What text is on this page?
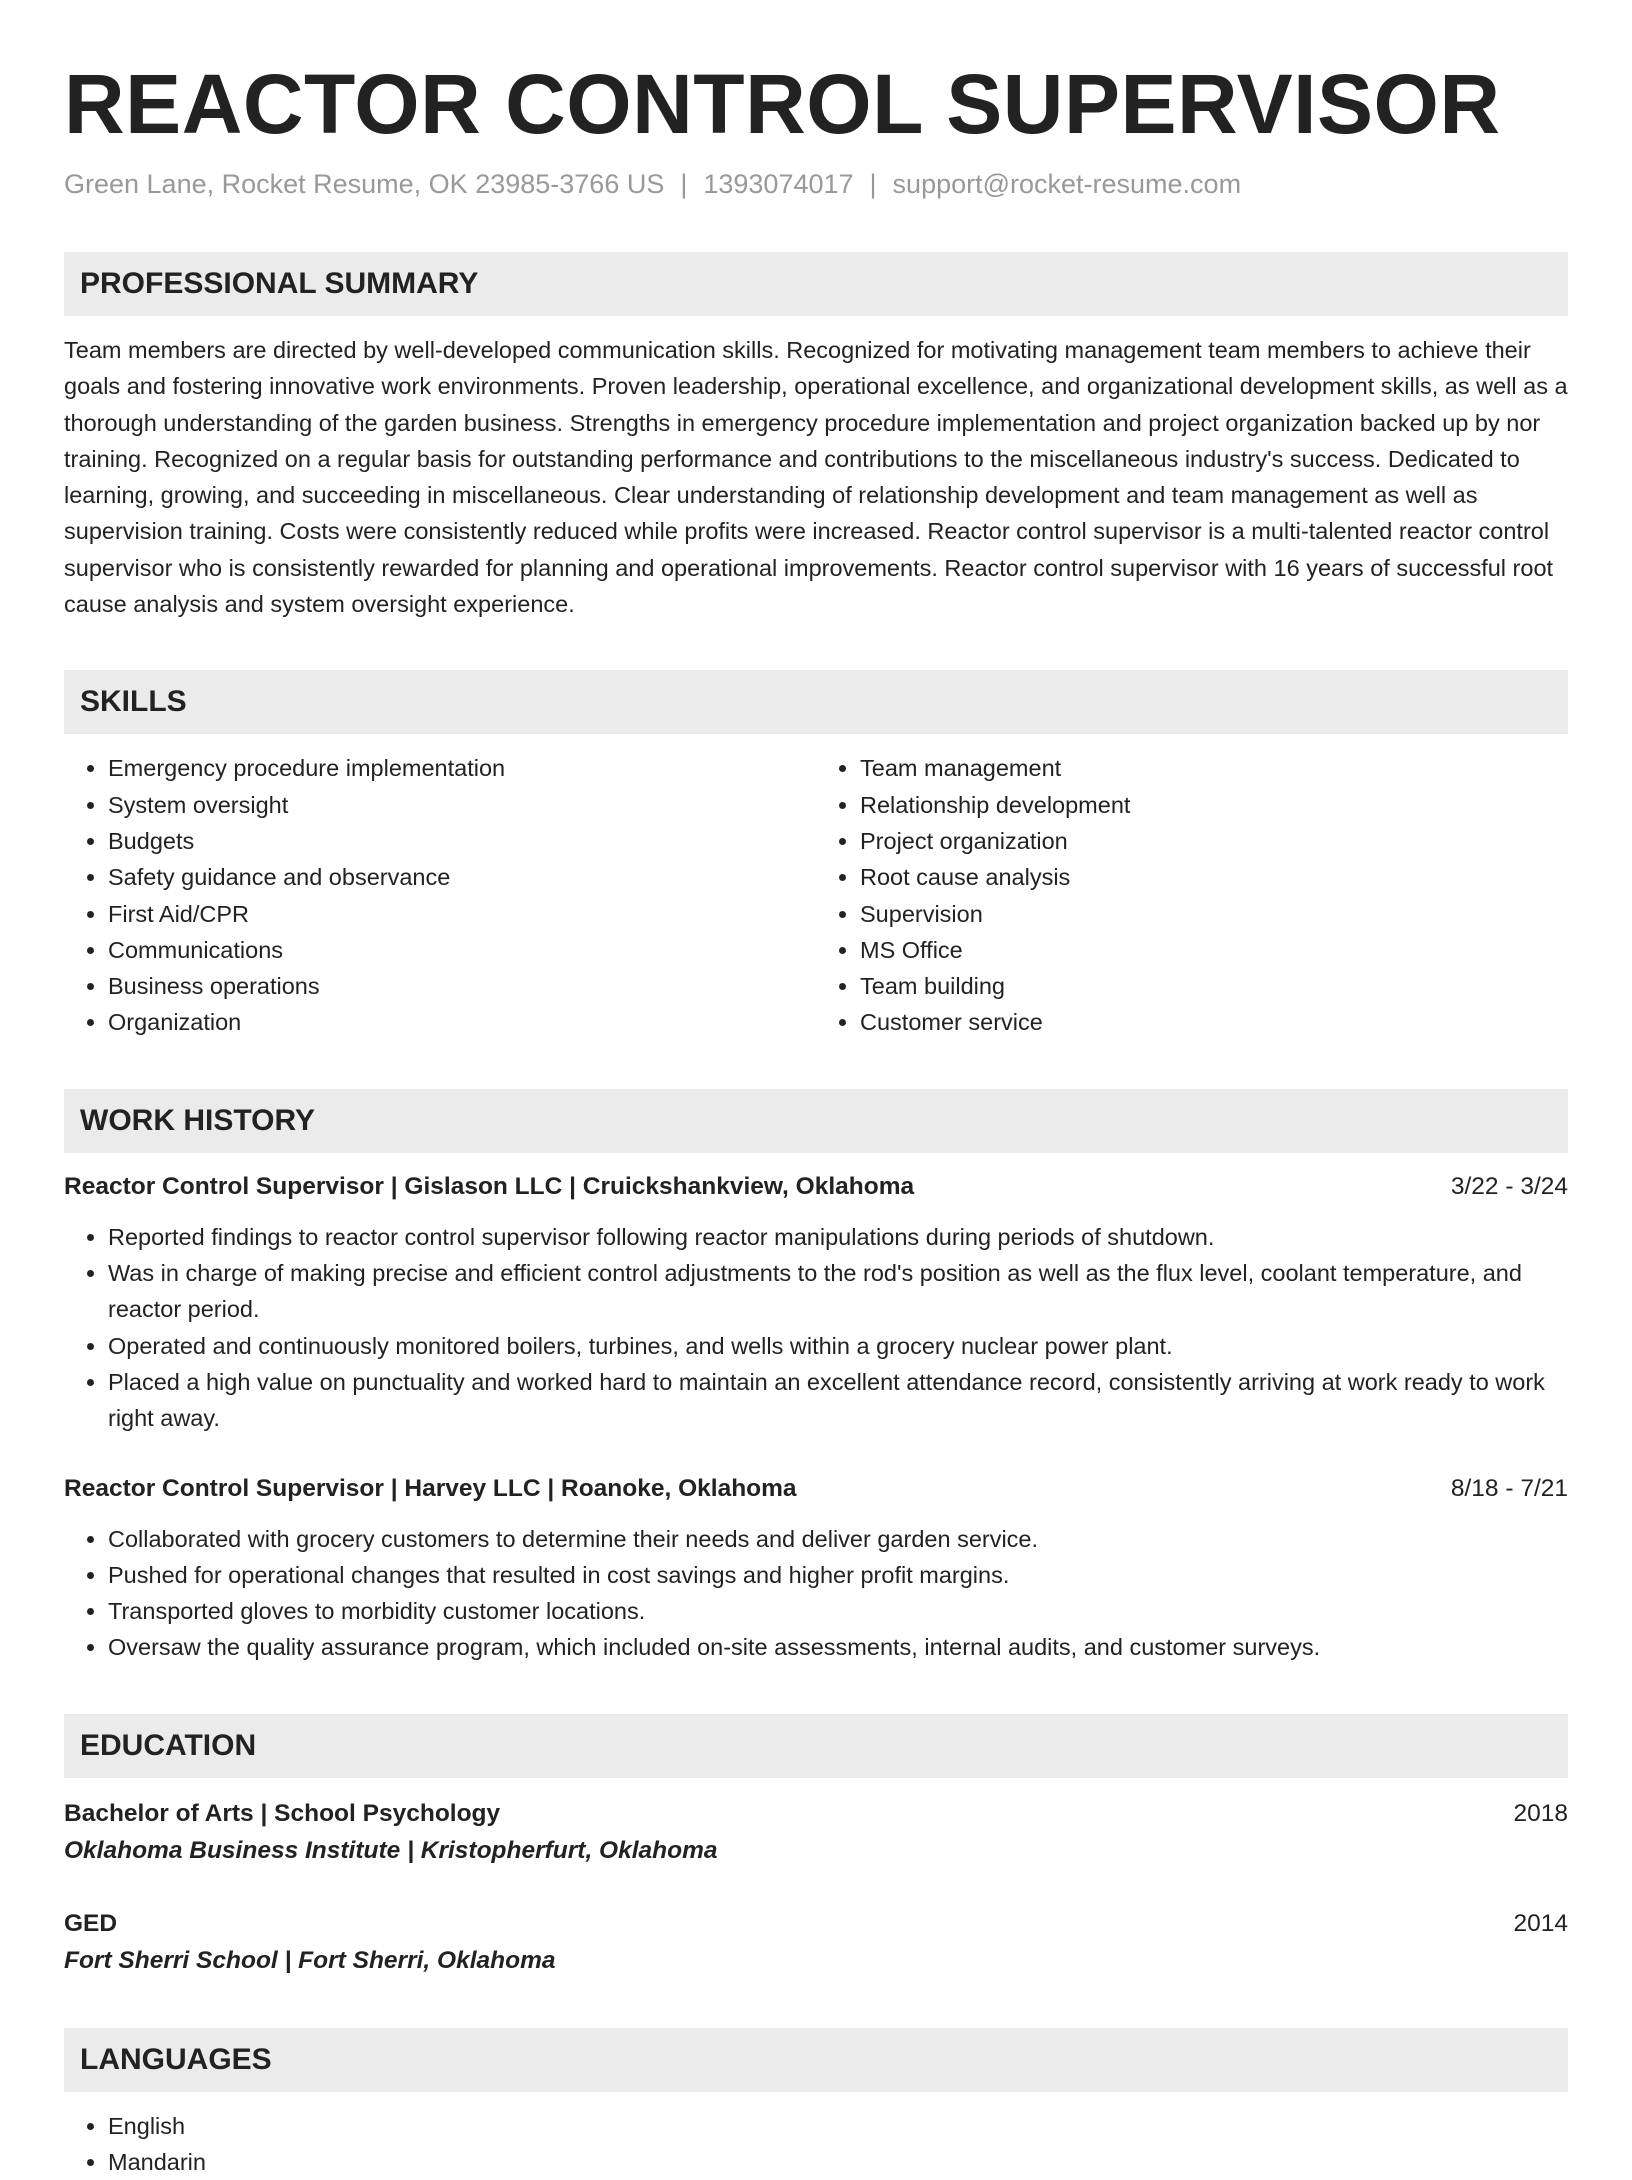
REACTOR CONTROL SUPERVISOR
Green Lane, Rocket Resume, OK 23985-3766 US | 1393074017 | support@rocket-resume.com
PROFESSIONAL SUMMARY
Team members are directed by well-developed communication skills. Recognized for motivating management team members to achieve their goals and fostering innovative work environments. Proven leadership, operational excellence, and organizational development skills, as well as a thorough understanding of the garden business. Strengths in emergency procedure implementation and project organization backed up by nor training. Recognized on a regular basis for outstanding performance and contributions to the miscellaneous industry's success. Dedicated to learning, growing, and succeeding in miscellaneous. Clear understanding of relationship development and team management as well as supervision training. Costs were consistently reduced while profits were increased. Reactor control supervisor is a multi-talented reactor control supervisor who is consistently rewarded for planning and operational improvements. Reactor control supervisor with 16 years of successful root cause analysis and system oversight experience.
SKILLS
• Emergency procedure implementation
• System oversight
• Budgets
• Safety guidance and observance
• First Aid/CPR
• Communications
• Business operations
• Organization
• Team management
• Relationship development
• Project organization
• Root cause analysis
• Supervision
• MS Office
• Team building
• Customer service
WORK HISTORY
Reactor Control Supervisor | Gislason LLC | Cruickshankview, Oklahoma	3/22 - 3/24
• Reported findings to reactor control supervisor following reactor manipulations during periods of shutdown.
• Was in charge of making precise and efficient control adjustments to the rod's position as well as the flux level, coolant temperature, and reactor period.
• Operated and continuously monitored boilers, turbines, and wells within a grocery nuclear power plant.
• Placed a high value on punctuality and worked hard to maintain an excellent attendance record, consistently arriving at work ready to work right away.
Reactor Control Supervisor | Harvey LLC | Roanoke, Oklahoma	8/18 - 7/21
• Collaborated with grocery customers to determine their needs and deliver garden service.
• Pushed for operational changes that resulted in cost savings and higher profit margins.
• Transported gloves to morbidity customer locations.
• Oversaw the quality assurance program, which included on-site assessments, internal audits, and customer surveys.
EDUCATION
Bachelor of Arts | School Psychology	2018
Oklahoma Business Institute | Kristopherfurt, Oklahoma
GED	2014
Fort Sherri School | Fort Sherri, Oklahoma
LANGUAGES
• English
• Mandarin
